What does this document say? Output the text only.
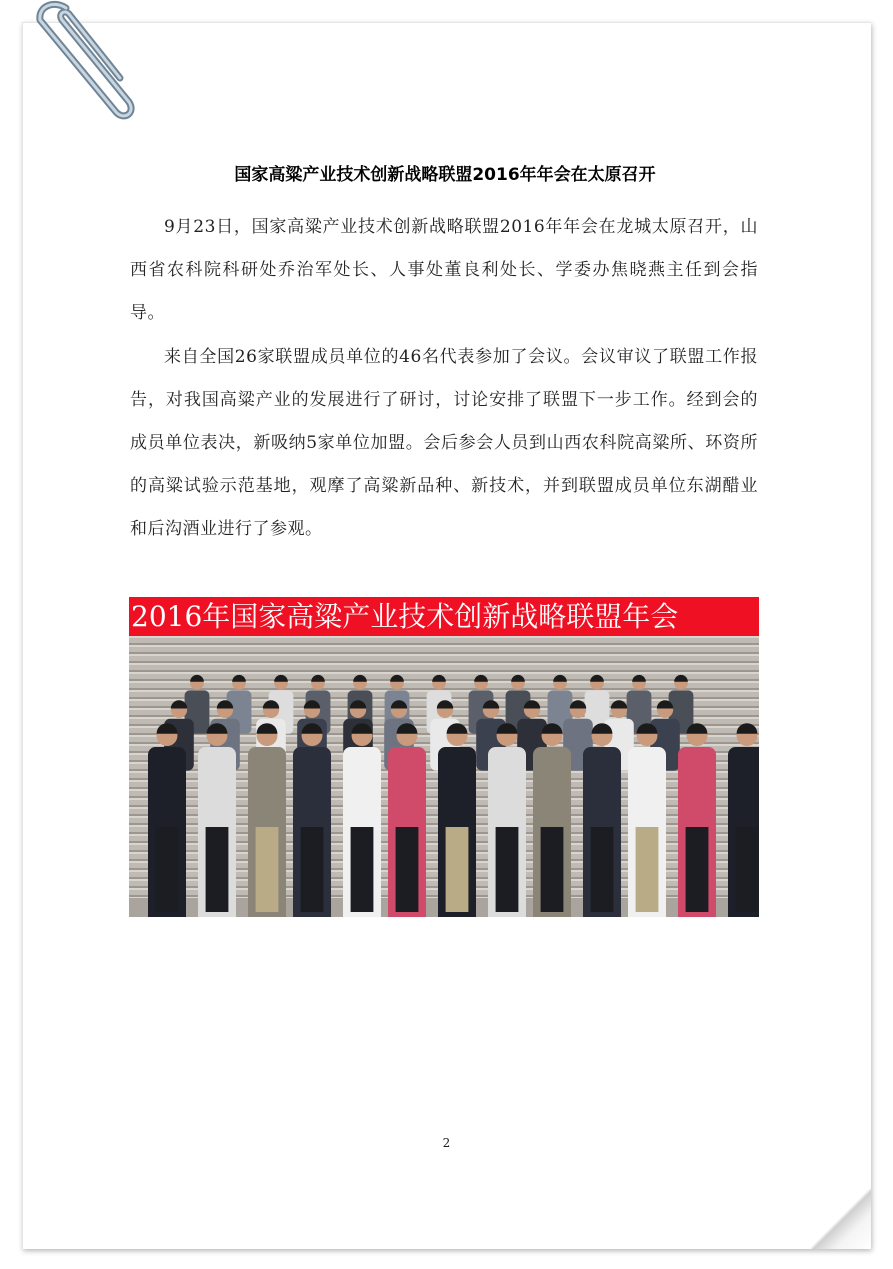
国家高粱产业技术创新战略联盟2016年年会在太原召开

9月23日，国家高粱产业技术创新战略联盟2016年年会在龙城太原召开，山西省农科院科研处乔治军处长、人事处董良利处长、学委办焦晓燕主任到会指导。

来自全国26家联盟成员单位的46名代表参加了会议。会议审议了联盟工作报告，对我国高粱产业的发展进行了研讨，讨论安排了联盟下一步工作。经到会的成员单位表决，新吸纳5家单位加盟。会后参会人员到山西农科院高粱所、环资所的高粱试验示范基地，观摩了高粱新品种、新技术，并到联盟成员单位东湖醋业和后沟酒业进行了参观。

2016年国家高粱产业技术创新战略联盟年会
2
